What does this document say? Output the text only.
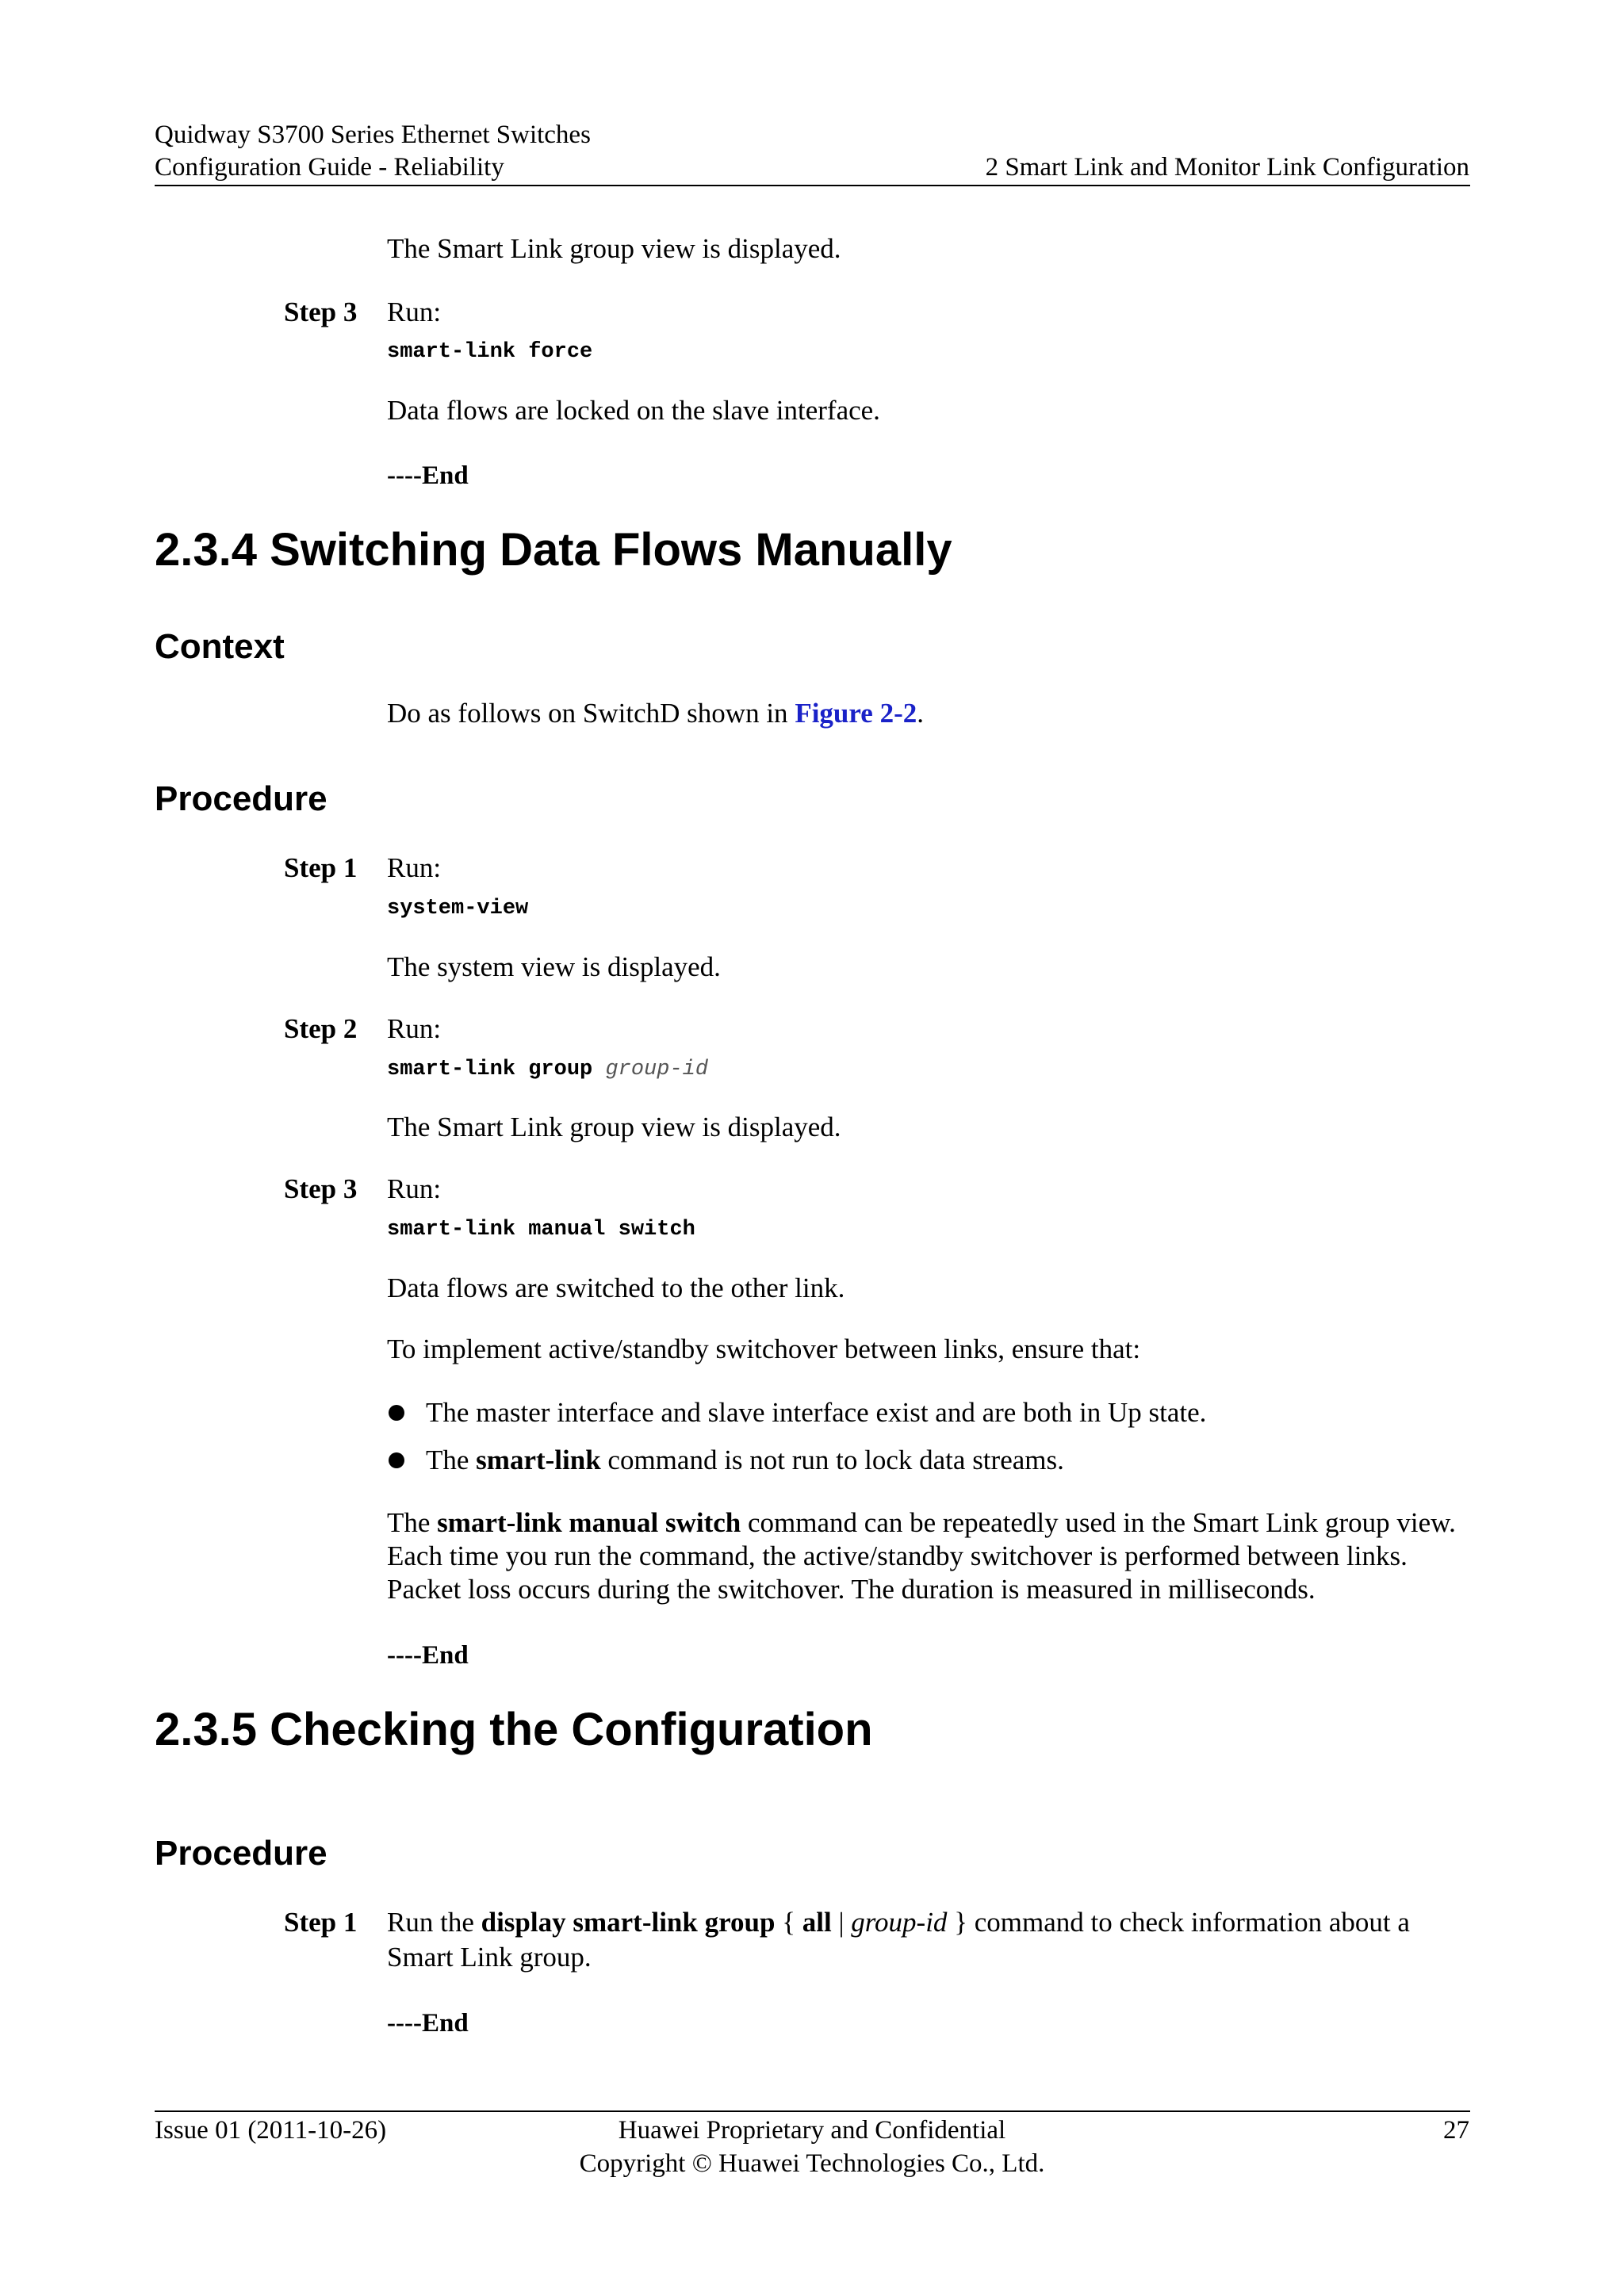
Quidway S3700 Series Ethernet Switches
Configuration Guide - Reliability	2 Smart Link and Monitor Link Configuration
The Smart Link group view is displayed.
Step 3 Run:
smart-link force
Data flows are locked on the slave interface.
----End
2.3.4 Switching Data Flows Manually
Context
Do as follows on SwitchD shown in Figure 2-2.
Procedure
Step 1 Run:
system-view
The system view is displayed.
Step 2 Run:
smart-link group group-id
The Smart Link group view is displayed.
Step 3 Run:
smart-link manual switch
Data flows are switched to the other link.
To implement active/standby switchover between links, ensure that:
The master interface and slave interface exist and are both in Up state.
The smart-link command is not run to lock data streams.
The smart-link manual switch command can be repeatedly used in the Smart Link group view.
Each time you run the command, the active/standby switchover is performed between links.
Packet loss occurs during the switchover. The duration is measured in milliseconds.
----End
2.3.5 Checking the Configuration
Procedure
Step 1 Run the display smart-link group { all | group-id } command to check information about a
Smart Link group.
----End
Issue 01 (2011-10-26)	Huawei Proprietary and Confidential
Copyright © Huawei Technologies Co., Ltd.
27
